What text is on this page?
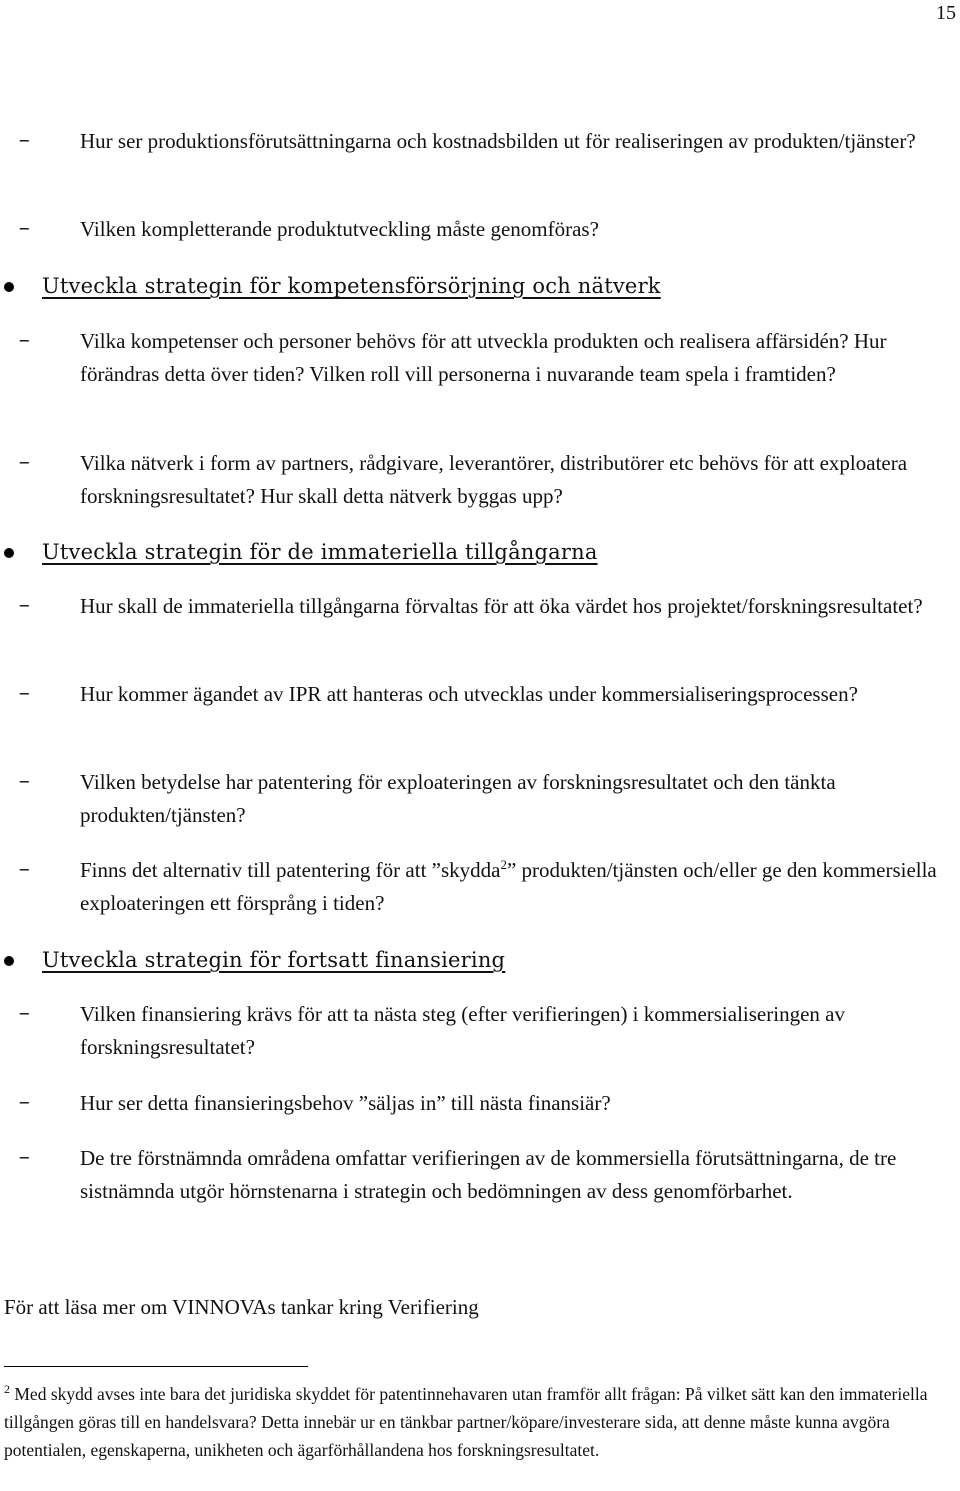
15
–	Hur ser produktionsförutsättningarna och kostnadsbilden ut för realiseringen av produkten/tjänster?
–	Vilken kompletterande produktutveckling måste genomföras?
Utveckla strategin för kompetensförsörjning och nätverk
–	Vilka kompetenser och personer behövs för att utveckla produkten och realisera affärsidén? Hur förändras detta över tiden? Vilken roll vill personerna i nuvarande team spela i framtiden?
–	Vilka nätverk i form av partners, rådgivare, leverantörer, distributörer etc behövs för att exploatera forskningsresultatet? Hur skall detta nätverk byggas upp?
Utveckla strategin för de immateriella tillgångarna
–	Hur skall de immateriella tillgångarna förvaltas för att öka värdet hos projektet/forskningsresultatet?
–	Hur kommer ägandet av IPR att hanteras och utvecklas under kommersialiseringsprocessen?
–	Vilken betydelse har patentering för exploateringen av forskningsresultatet och den tänkta produkten/tjänsten?
–	Finns det alternativ till patentering för att ”skydda$^2$” produkten/tjänsten och/eller ge den kommersiella exploateringen ett försprång i tiden?
Utveckla strategin för fortsatt finansiering
–	Vilken finansiering krävs för att ta nästa steg (efter verifieringen) i kommersialiseringen av forskningsresultatet?
–	Hur ser detta finansieringsbehov ”säljas in” till nästa finansiär?
–	De tre förstnämnda områdena omfattar verifieringen av de kommersiella förutsättningarna, de tre sistnämnda utgör hörnstenarna i strategin och bedömningen av dess genomförbarhet.
För att läsa mer om VINNOVAs tankar kring Verifiering
$^2$ Med skydd avses inte bara det juridiska skyddet för patentinnehavaren utan framför allt frågan: På vilket sätt kan den immateriella tillgången göras till en handelsvara? Detta innebär ur en tänkbar partner/köpare/investerare sida, att denne måste kunna avgöra potentialen, egenskaperna, unikheten och ägarförhållandena hos forskningsresultatet.
